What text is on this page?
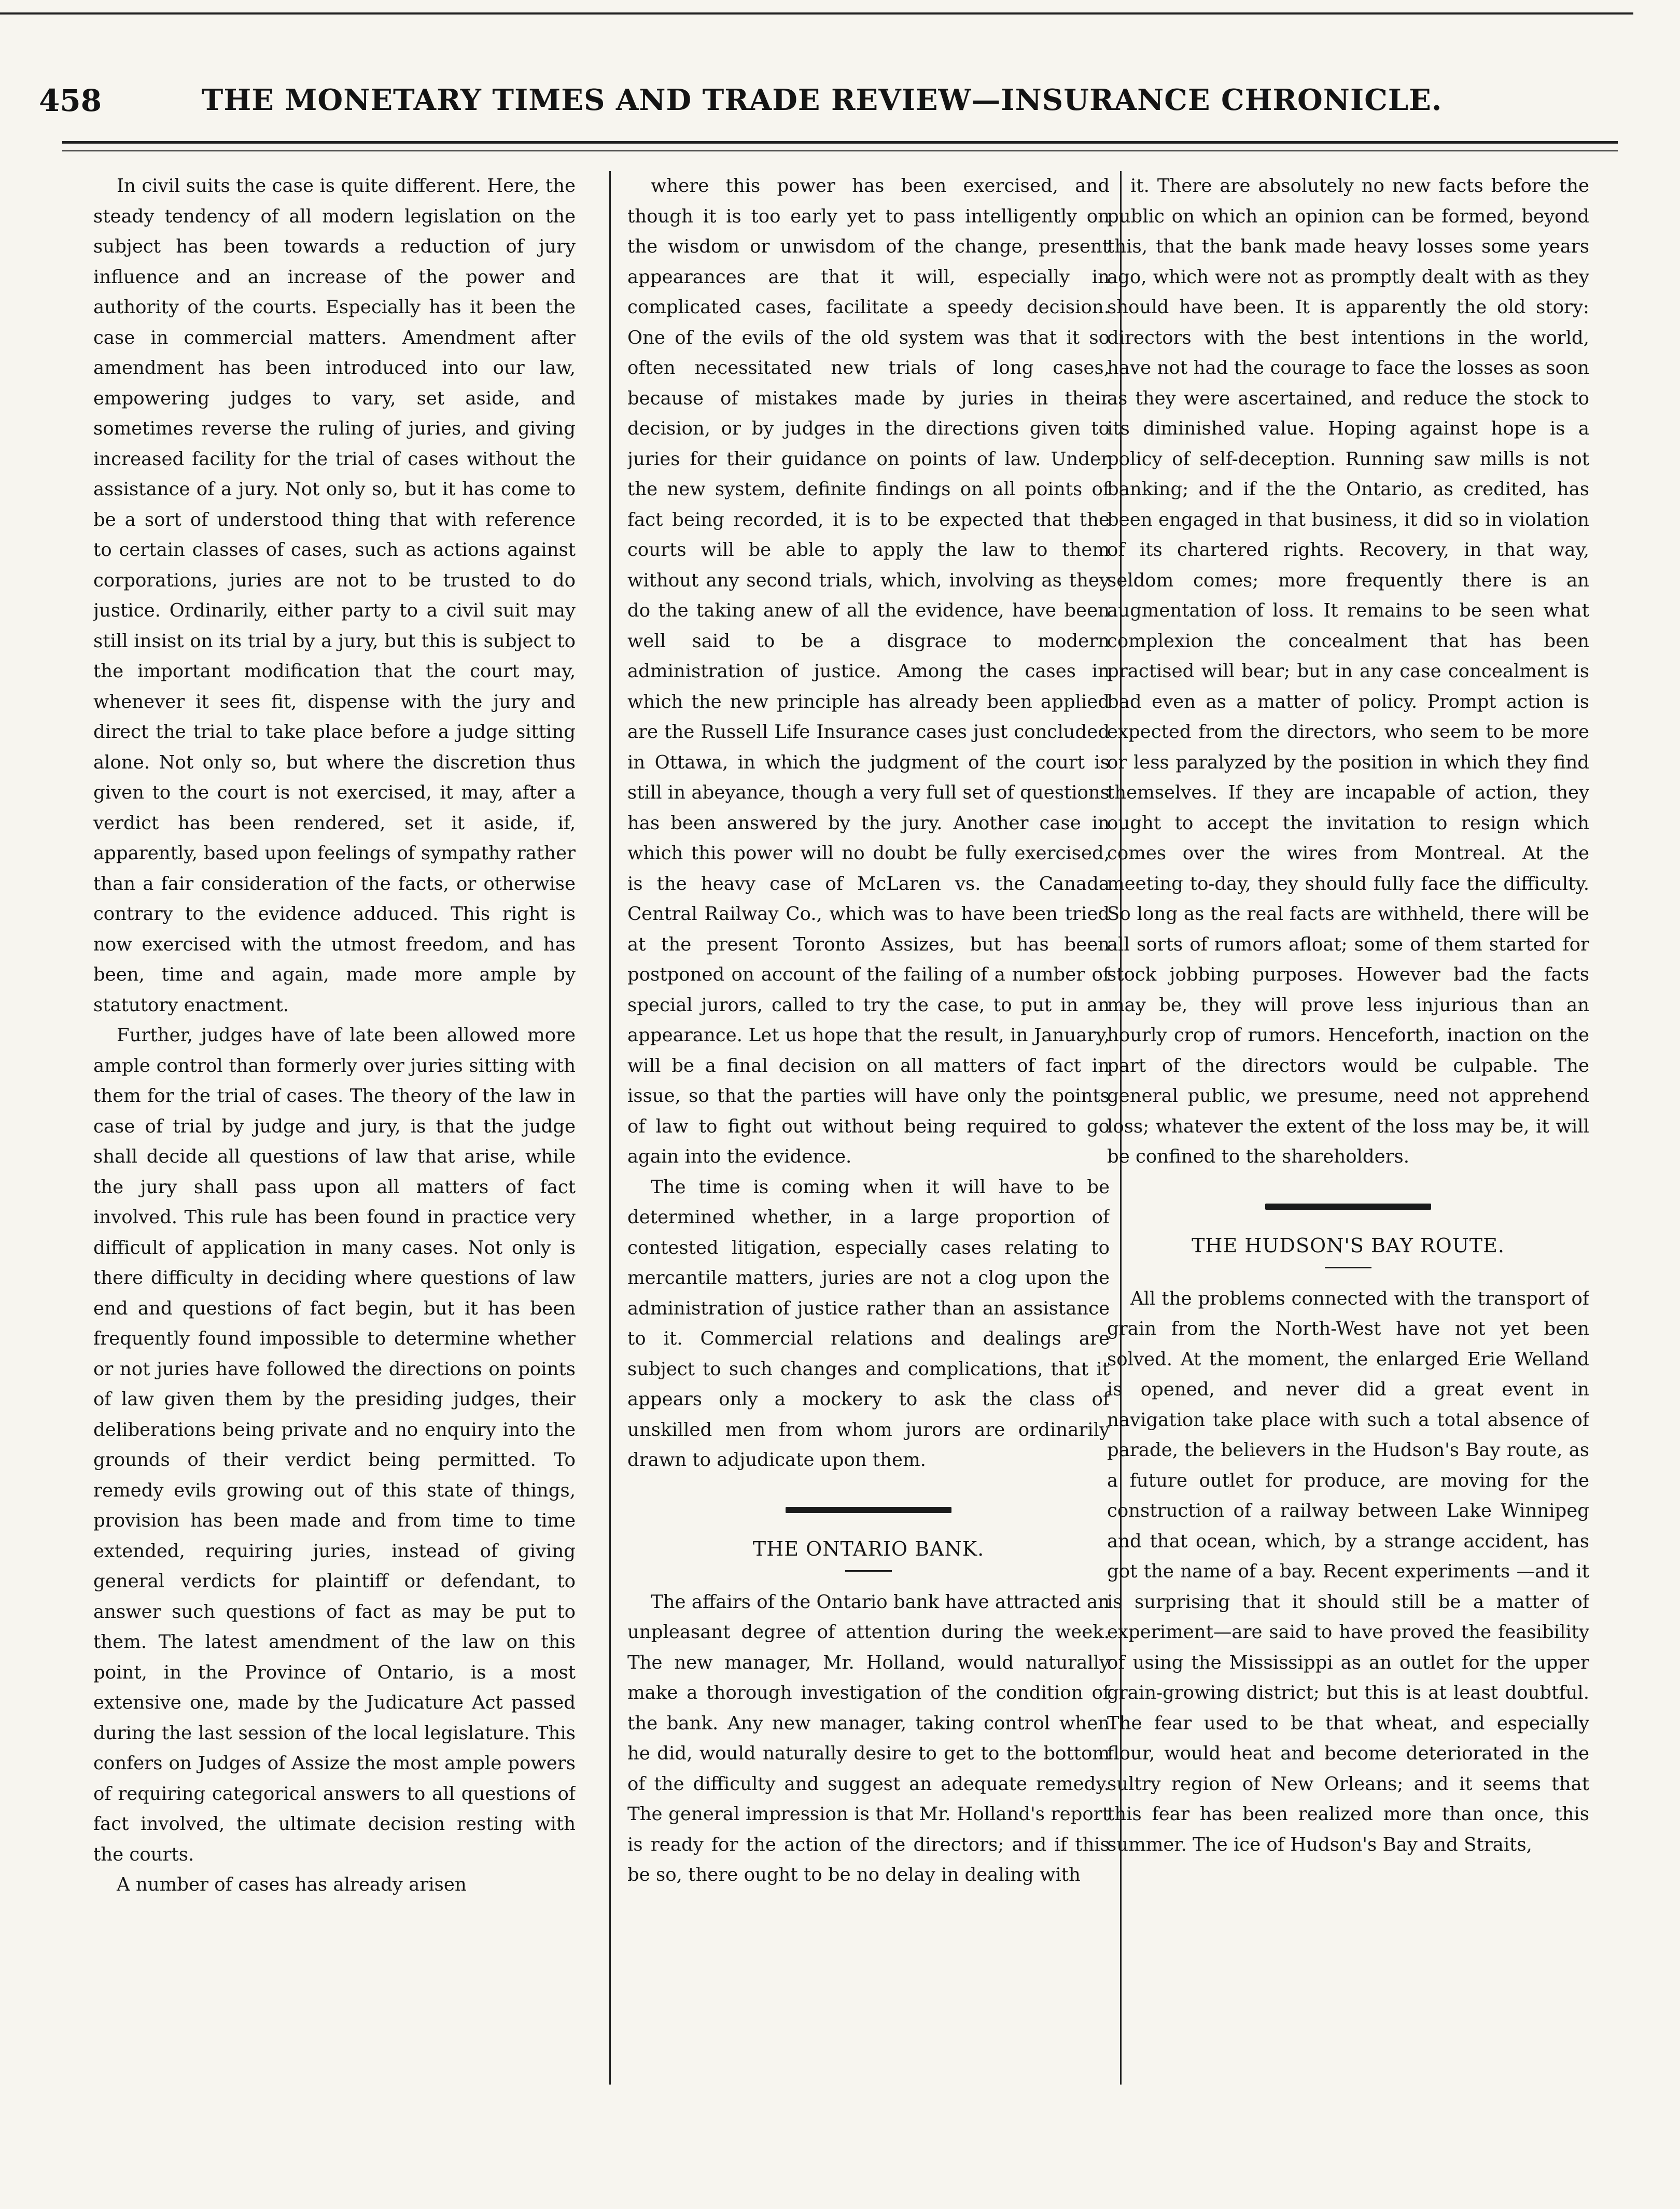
458	THE MONETARY TIMES AND TRADE REVIEW—INSURANCE CHRONICLE.

In civil suits the case is quite different. Here, the steady tendency of all modern legislation on the subject has been towards a reduction of jury influence and an increase of the power and authority of the courts. Especially has it been the case in commercial matters. Amendment after amendment has been introduced into our law, empowering judges to vary, set aside, and sometimes reverse the ruling of juries, and giving increased facility for the trial of cases without the assistance of a jury. Not only so, but it has come to be a sort of understood thing that with reference to certain classes of cases, such as actions against corporations, juries are not to be trusted to do justice. Ordinarily, either party to a civil suit may still insist on its trial by a jury, but this is subject to the important modification that the court may, whenever it sees fit, dispense with the jury and direct the trial to take place before a judge sitting alone. Not only so, but where the discretion thus given to the court is not exercised, it may, after a verdict has been rendered, set it aside, if, apparently, based upon feelings of sympathy rather than a fair consideration of the facts, or otherwise contrary to the evidence adduced. This right is now exercised with the utmost freedom, and has been, time and again, made more ample by statutory enactment.

Further, judges have of late been allowed more ample control than formerly over juries sitting with them for the trial of cases. The theory of the law in case of trial by judge and jury, is that the judge shall decide all questions of law that arise, while the jury shall pass upon all matters of fact involved. This rule has been found in practice very difficult of application in many cases. Not only is there difficulty in deciding where questions of law end and questions of fact begin, but it has been frequently found impossible to determine whether or not juries have followed the directions on points of law given them by the presiding judges, their deliberations being private and no enquiry into the grounds of their verdict being permitted. To remedy evils growing out of this state of things, provision has been made and from time to time extended, requiring juries, instead of giving general verdicts for plaintiff or defendant, to answer such questions of fact as may be put to them. The latest amendment of the law on this point, in the Province of Ontario, is a most extensive one, made by the Judicature Act passed during the last session of the local legislature. This confers on Judges of Assize the most ample powers of requiring categorical answers to all questions of fact involved, the ultimate decision resting with the courts.

A number of cases has already arisen

where this power has been exercised, and though it is too early yet to pass intelligently on the wisdom or unwisdom of the change, present appearances are that it will, especially in complicated cases, facilitate a speedy decision. One of the evils of the old system was that it so often necessitated new trials of long cases, because of mistakes made by juries in their decision, or by judges in the directions given to juries for their guidance on points of law. Under the new system, definite findings on all points of fact being recorded, it is to be expected that the courts will be able to apply the law to them without any second trials, which, involving as they do the taking anew of all the evidence, have been well said to be a disgrace to modern administration of justice. Among the cases in which the new principle has already been applied are the Russell Life Insurance cases just concluded in Ottawa, in which the judgment of the court is still in abeyance, though a very full set of questions has been answered by the jury. Another case in which this power will no doubt be fully exercised, is the heavy case of McLaren vs. the Canada Central Railway Co., which was to have been tried at the present Toronto Assizes, but has been postponed on account of the failing of a number of special jurors, called to try the case, to put in an appearance. Let us hope that the result, in January, will be a final decision on all matters of fact in issue, so that the parties will have only the points of law to fight out without being required to go again into the evidence.

The time is coming when it will have to be determined whether, in a large proportion of contested litigation, especially cases relating to mercantile matters, juries are not a clog upon the administration of justice rather than an assistance to it. Commercial relations and dealings are subject to such changes and complications, that it appears only a mockery to ask the class of unskilled men from whom jurors are ordinarily drawn to adjudicate upon them.

THE ONTARIO BANK.

The affairs of the Ontario bank have attracted an unpleasant degree of attention during the week. The new manager, Mr. Holland, would naturally make a thorough investigation of the condition of the bank. Any new manager, taking control when he did, would naturally desire to get to the bottom of the difficulty and suggest an adequate remedy. The general impression is that Mr. Holland's report is ready for the action of the directors; and if this be so, there ought to be no delay in dealing with

it. There are absolutely no new facts before the public on which an opinion can be formed, beyond this, that the bank made heavy losses some years ago, which were not as promptly dealt with as they should have been. It is apparently the old story: directors with the best intentions in the world, have not had the courage to face the losses as soon as they were ascertained, and reduce the stock to its diminished value. Hoping against hope is a policy of self-deception. Running saw mills is not banking; and if the the Ontario, as credited, has been engaged in that business, it did so in violation of its chartered rights. Recovery, in that way, seldom comes; more frequently there is an augmentation of loss. It remains to be seen what complexion the concealment that has been practised will bear; but in any case concealment is bad even as a matter of policy. Prompt action is expected from the directors, who seem to be more or less paralyzed by the position in which they find themselves. If they are incapable of action, they ought to accept the invitation to resign which comes over the wires from Montreal. At the meeting to-day, they should fully face the difficulty. So long as the real facts are withheld, there will be all sorts of rumors afloat; some of them started for stock jobbing purposes. However bad the facts may be, they will prove less injurious than an hourly crop of rumors. Henceforth, inaction on the part of the directors would be culpable. The general public, we presume, need not apprehend loss; whatever the extent of the loss may be, it will be confined to the shareholders.

THE HUDSON'S BAY ROUTE.

All the problems connected with the transport of grain from the North-West have not yet been solved. At the moment, the enlarged Erie Welland is opened, and never did a great event in navigation take place with such a total absence of parade, the believers in the Hudson's Bay route, as a future outlet for produce, are moving for the construction of a railway between Lake Winnipeg and that ocean, which, by a strange accident, has got the name of a bay. Recent experiments —and it is surprising that it should still be a matter of experiment—are said to have proved the feasibility of using the Mississippi as an outlet for the upper grain-growing district; but this is at least doubtful. The fear used to be that wheat, and especially flour, would heat and become deteriorated in the sultry region of New Orleans; and it seems that this fear has been realized more than once, this summer. The ice of Hudson's Bay and Straits,
